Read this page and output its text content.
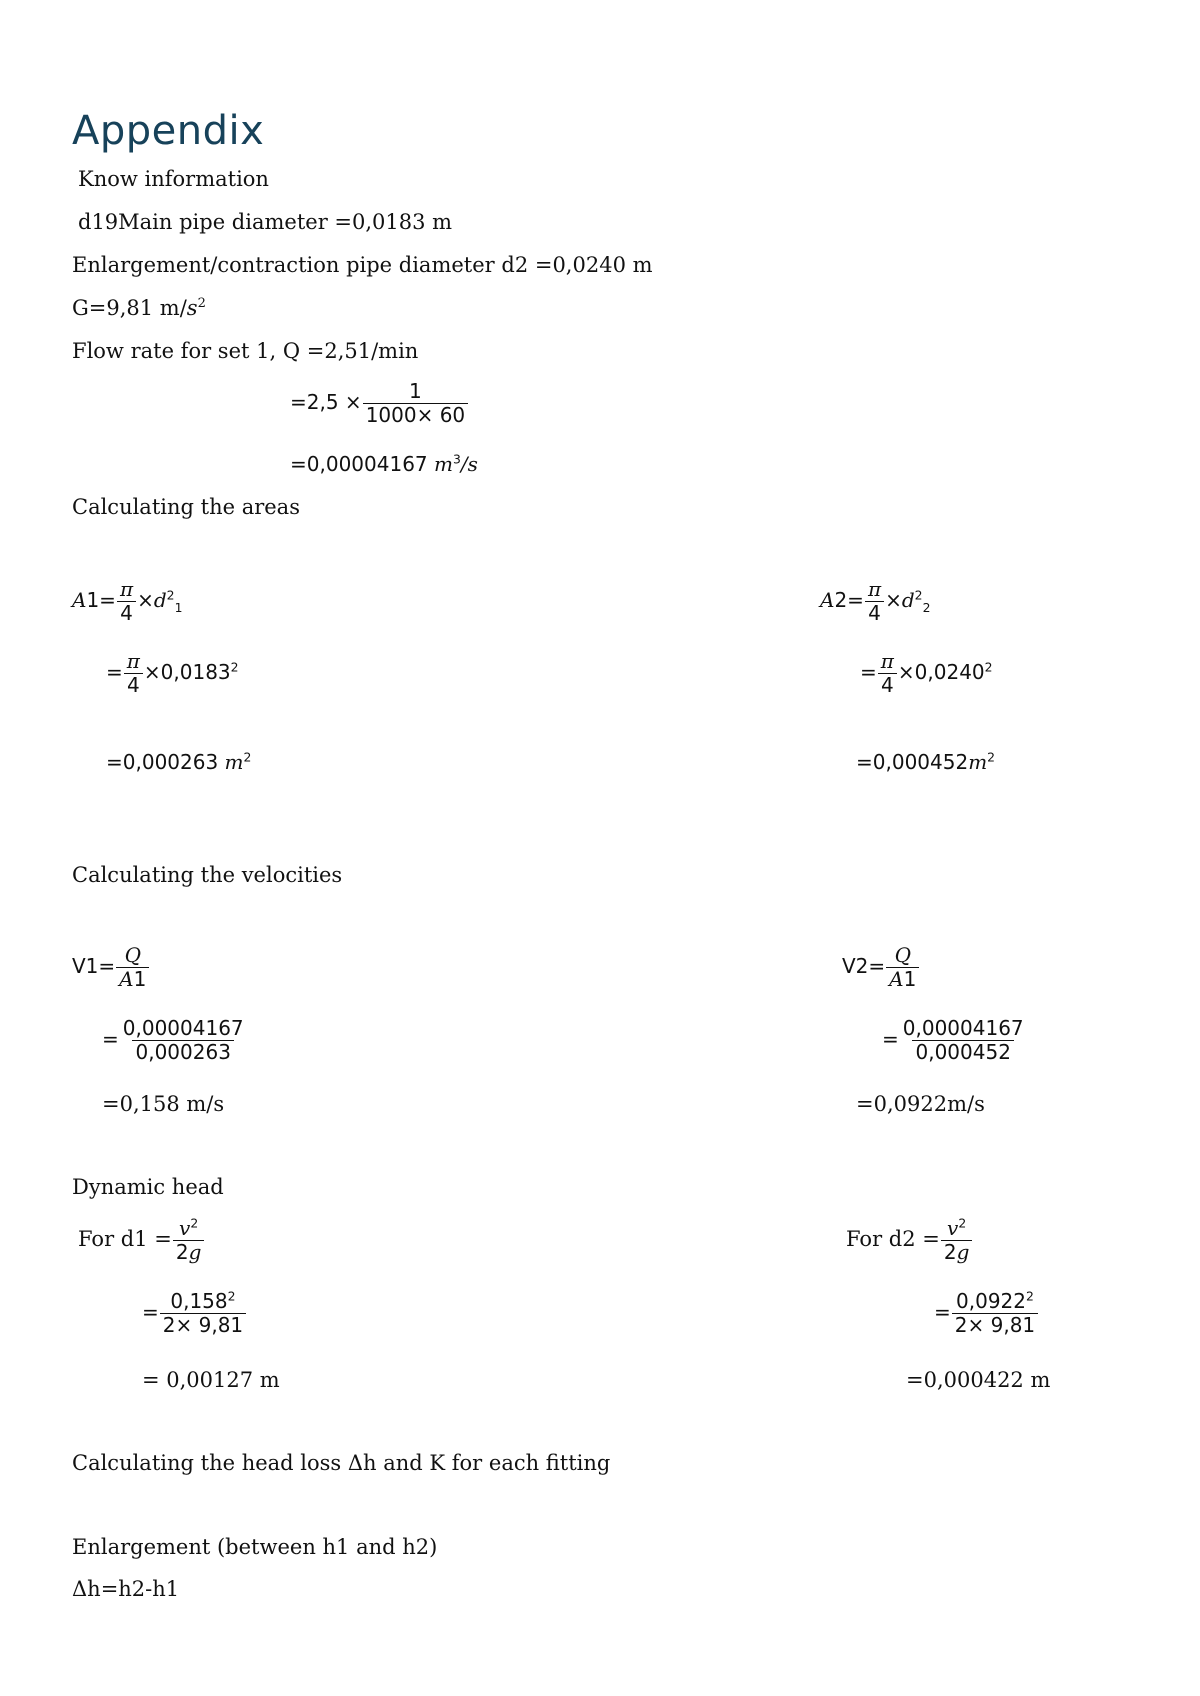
Appendix
Know information
d19Main pipe diameter =0,0183 m
Enlargement/contraction pipe diameter d2 =0,0240 m
G=9,81 $m/s^2$
Flow rate for set 1, Q =2,51/min
$=2,5 \times \frac{1}{1000\times 60}$
=0,00004167 $m^3/s$
Calculating the areas
$A1= \frac{\pi}{4} \times d^2_1$
= $\frac{\pi}{4} \times 0,0183^2$
=0,000263 $m^2$
$A2= \frac{\pi}{4} \times d^2_2$
= $\frac{\pi}{4} \times 0,0240^2$
$=0,000452m^2$
Calculating the velocities
$V1= \frac{Q}{A1}$
= $\frac{0,00004167}{0,000263}$
=0,158 m/s
$V2= \frac{Q}{A1}$
= $\frac{0,00004167}{0,000452}$
=0,0922m/s
Dynamic head
For $d1 = \frac{v^2}{2g}$
= $\frac{0,158^2}{2\times 9,81}$
= 0,00127 m
For $d2 = \frac{v^2}{2g}$
= $\frac{0,0922^2}{2\times 9,81}$
=0,000422 m
Calculating the head loss Δh and K for each fitting
Enlargement (between h1 and h2)
Δh=h2-h1
